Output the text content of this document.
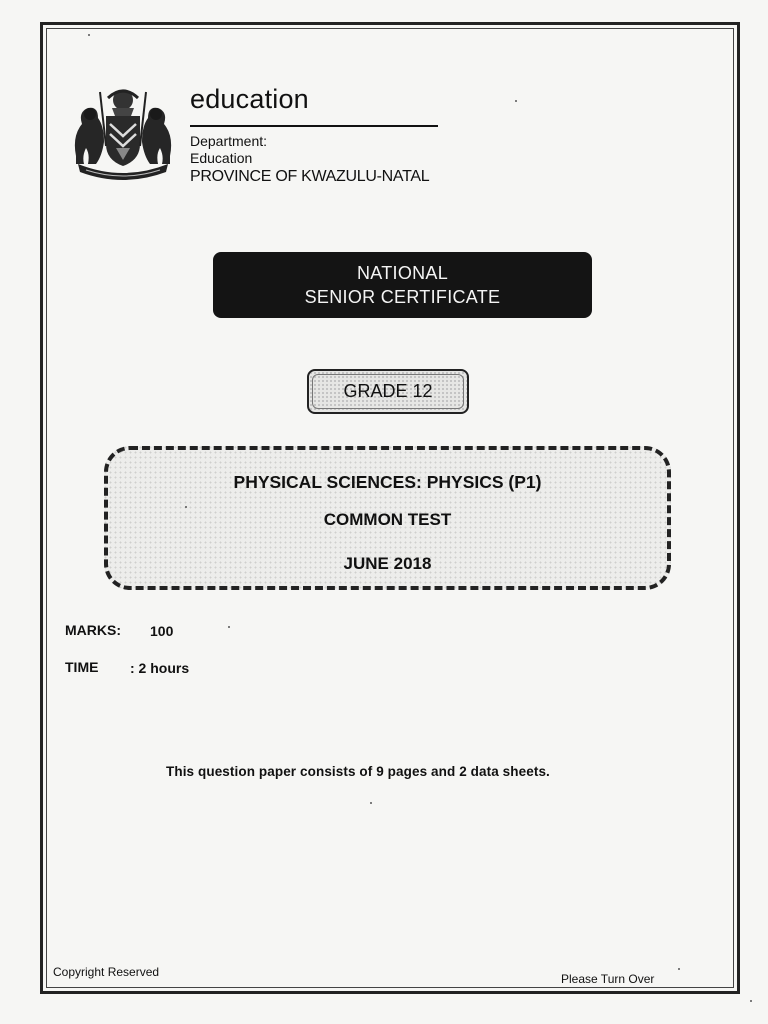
education
Department:
Education
PROVINCE OF KWAZULU-NATAL
NATIONAL
SENIOR CERTIFICATE
GRADE 12
PHYSICAL SCIENCES: PHYSICS (P1)
COMMON TEST
JUNE 2018
MARKS: 100
TIME : 2 hours
This question paper consists of 9 pages and 2 data sheets.
Copyright Reserved	Please Turn Over
